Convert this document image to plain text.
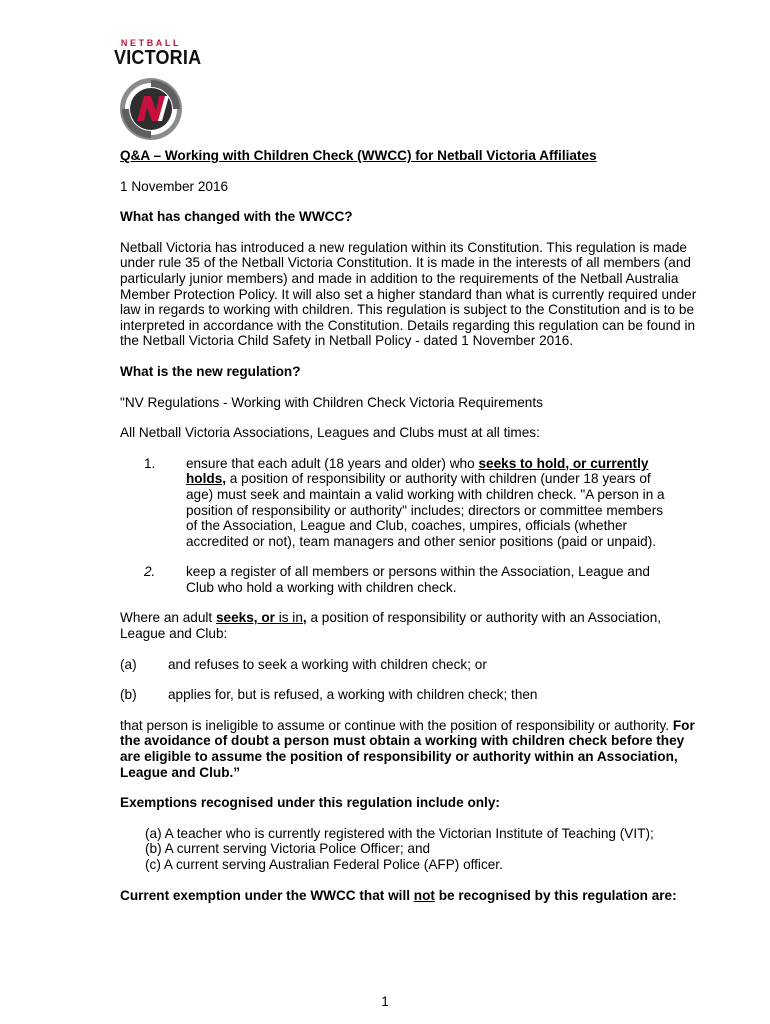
NETBALL
VICTORIA

Q&A – Working with Children Check (WWCC) for Netball Victoria Affiliates

1 November 2016

What has changed with the WWCC?

Netball Victoria has introduced a new regulation within its Constitution. This regulation is made under rule 35 of the Netball Victoria Constitution. It is made in the interests of all members (and particularly junior members) and made in addition to the requirements of the Netball Australia Member Protection Policy. It will also set a higher standard than what is currently required under law in regards to working with children. This regulation is subject to the Constitution and is to be interpreted in accordance with the Constitution. Details regarding this regulation can be found in the Netball Victoria Child Safety in Netball Policy - dated 1 November 2016.

What is the new regulation?

"NV Regulations - Working with Children Check Victoria Requirements

All Netball Victoria Associations, Leagues and Clubs must at all times:

1.	ensure that each adult (18 years and older) who seeks to hold, or currently holds, a position of responsibility or authority with children (under 18 years of age) must seek and maintain a valid working with children check. "A person in a position of responsibility or authority" includes; directors or committee members of the Association, League and Club, coaches, umpires, officials (whether accredited or not), team managers and other senior positions (paid or unpaid).
2.	keep a register of all members or persons within the Association, League and Club who hold a working with children check.

Where an adult seeks, or is in, a position of responsibility or authority with an Association, League and Club:

(a)	and refuses to seek a working with children check; or
(b)	applies for, but is refused, a working with children check; then

that person is ineligible to assume or continue with the position of responsibility or authority. For the avoidance of doubt a person must obtain a working with children check before they are eligible to assume the position of responsibility or authority within an Association, League and Club.”

Exemptions recognised under this regulation include only:

(a) A teacher who is currently registered with the Victorian Institute of Teaching (VIT);

(b) A current serving Victoria Police Officer; and

(c) A current serving Australian Federal Police (AFP) officer.

Current exemption under the WWCC that will not be recognised by this regulation are:

1
